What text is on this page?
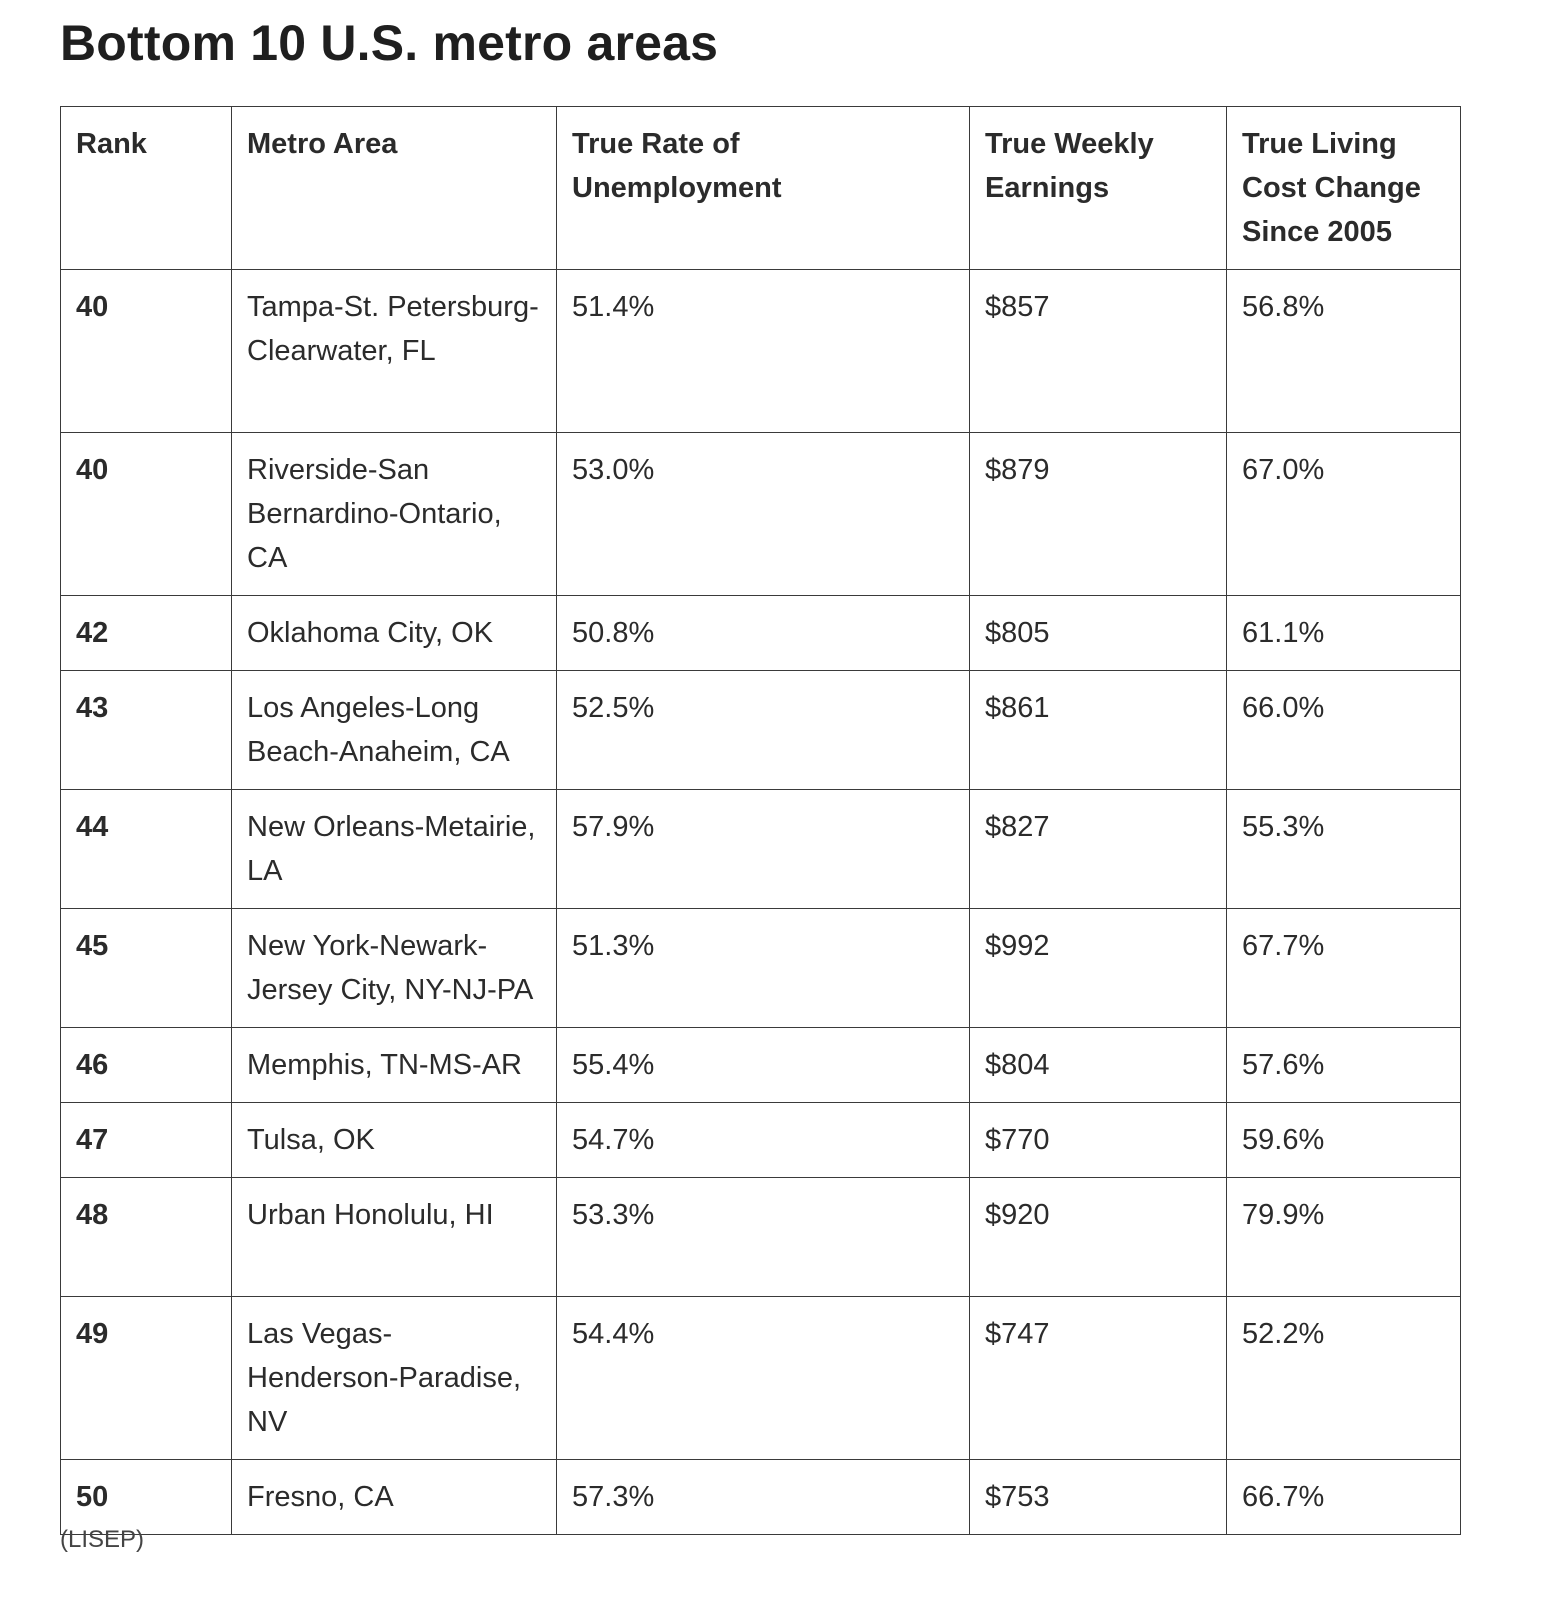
Bottom 10 U.S. metro areas
Rank	Metro Area	True Rate of Unemployment	True Weekly Earnings	True Living Cost Change Since 2005
40	Tampa-St. Petersburg-Clearwater, FL	51.4%	$857	56.8%
40	Riverside-San Bernardino-Ontario, CA	53.0%	$879	67.0%
42	Oklahoma City, OK	50.8%	$805	61.1%
43	Los Angeles-Long Beach-Anaheim, CA	52.5%	$861	66.0%
44	New Orleans-Metairie, LA	57.9%	$827	55.3%
45	New York-Newark-Jersey City, NY-NJ-PA	51.3%	$992	67.7%
46	Memphis, TN-MS-AR	55.4%	$804	57.6%
47	Tulsa, OK	54.7%	$770	59.6%
48	Urban Honolulu, HI	53.3%	$920	79.9%
49	Las Vegas-Henderson-Paradise, NV	54.4%	$747	52.2%
50	Fresno, CA	57.3%	$753	66.7%
(LISEP)
